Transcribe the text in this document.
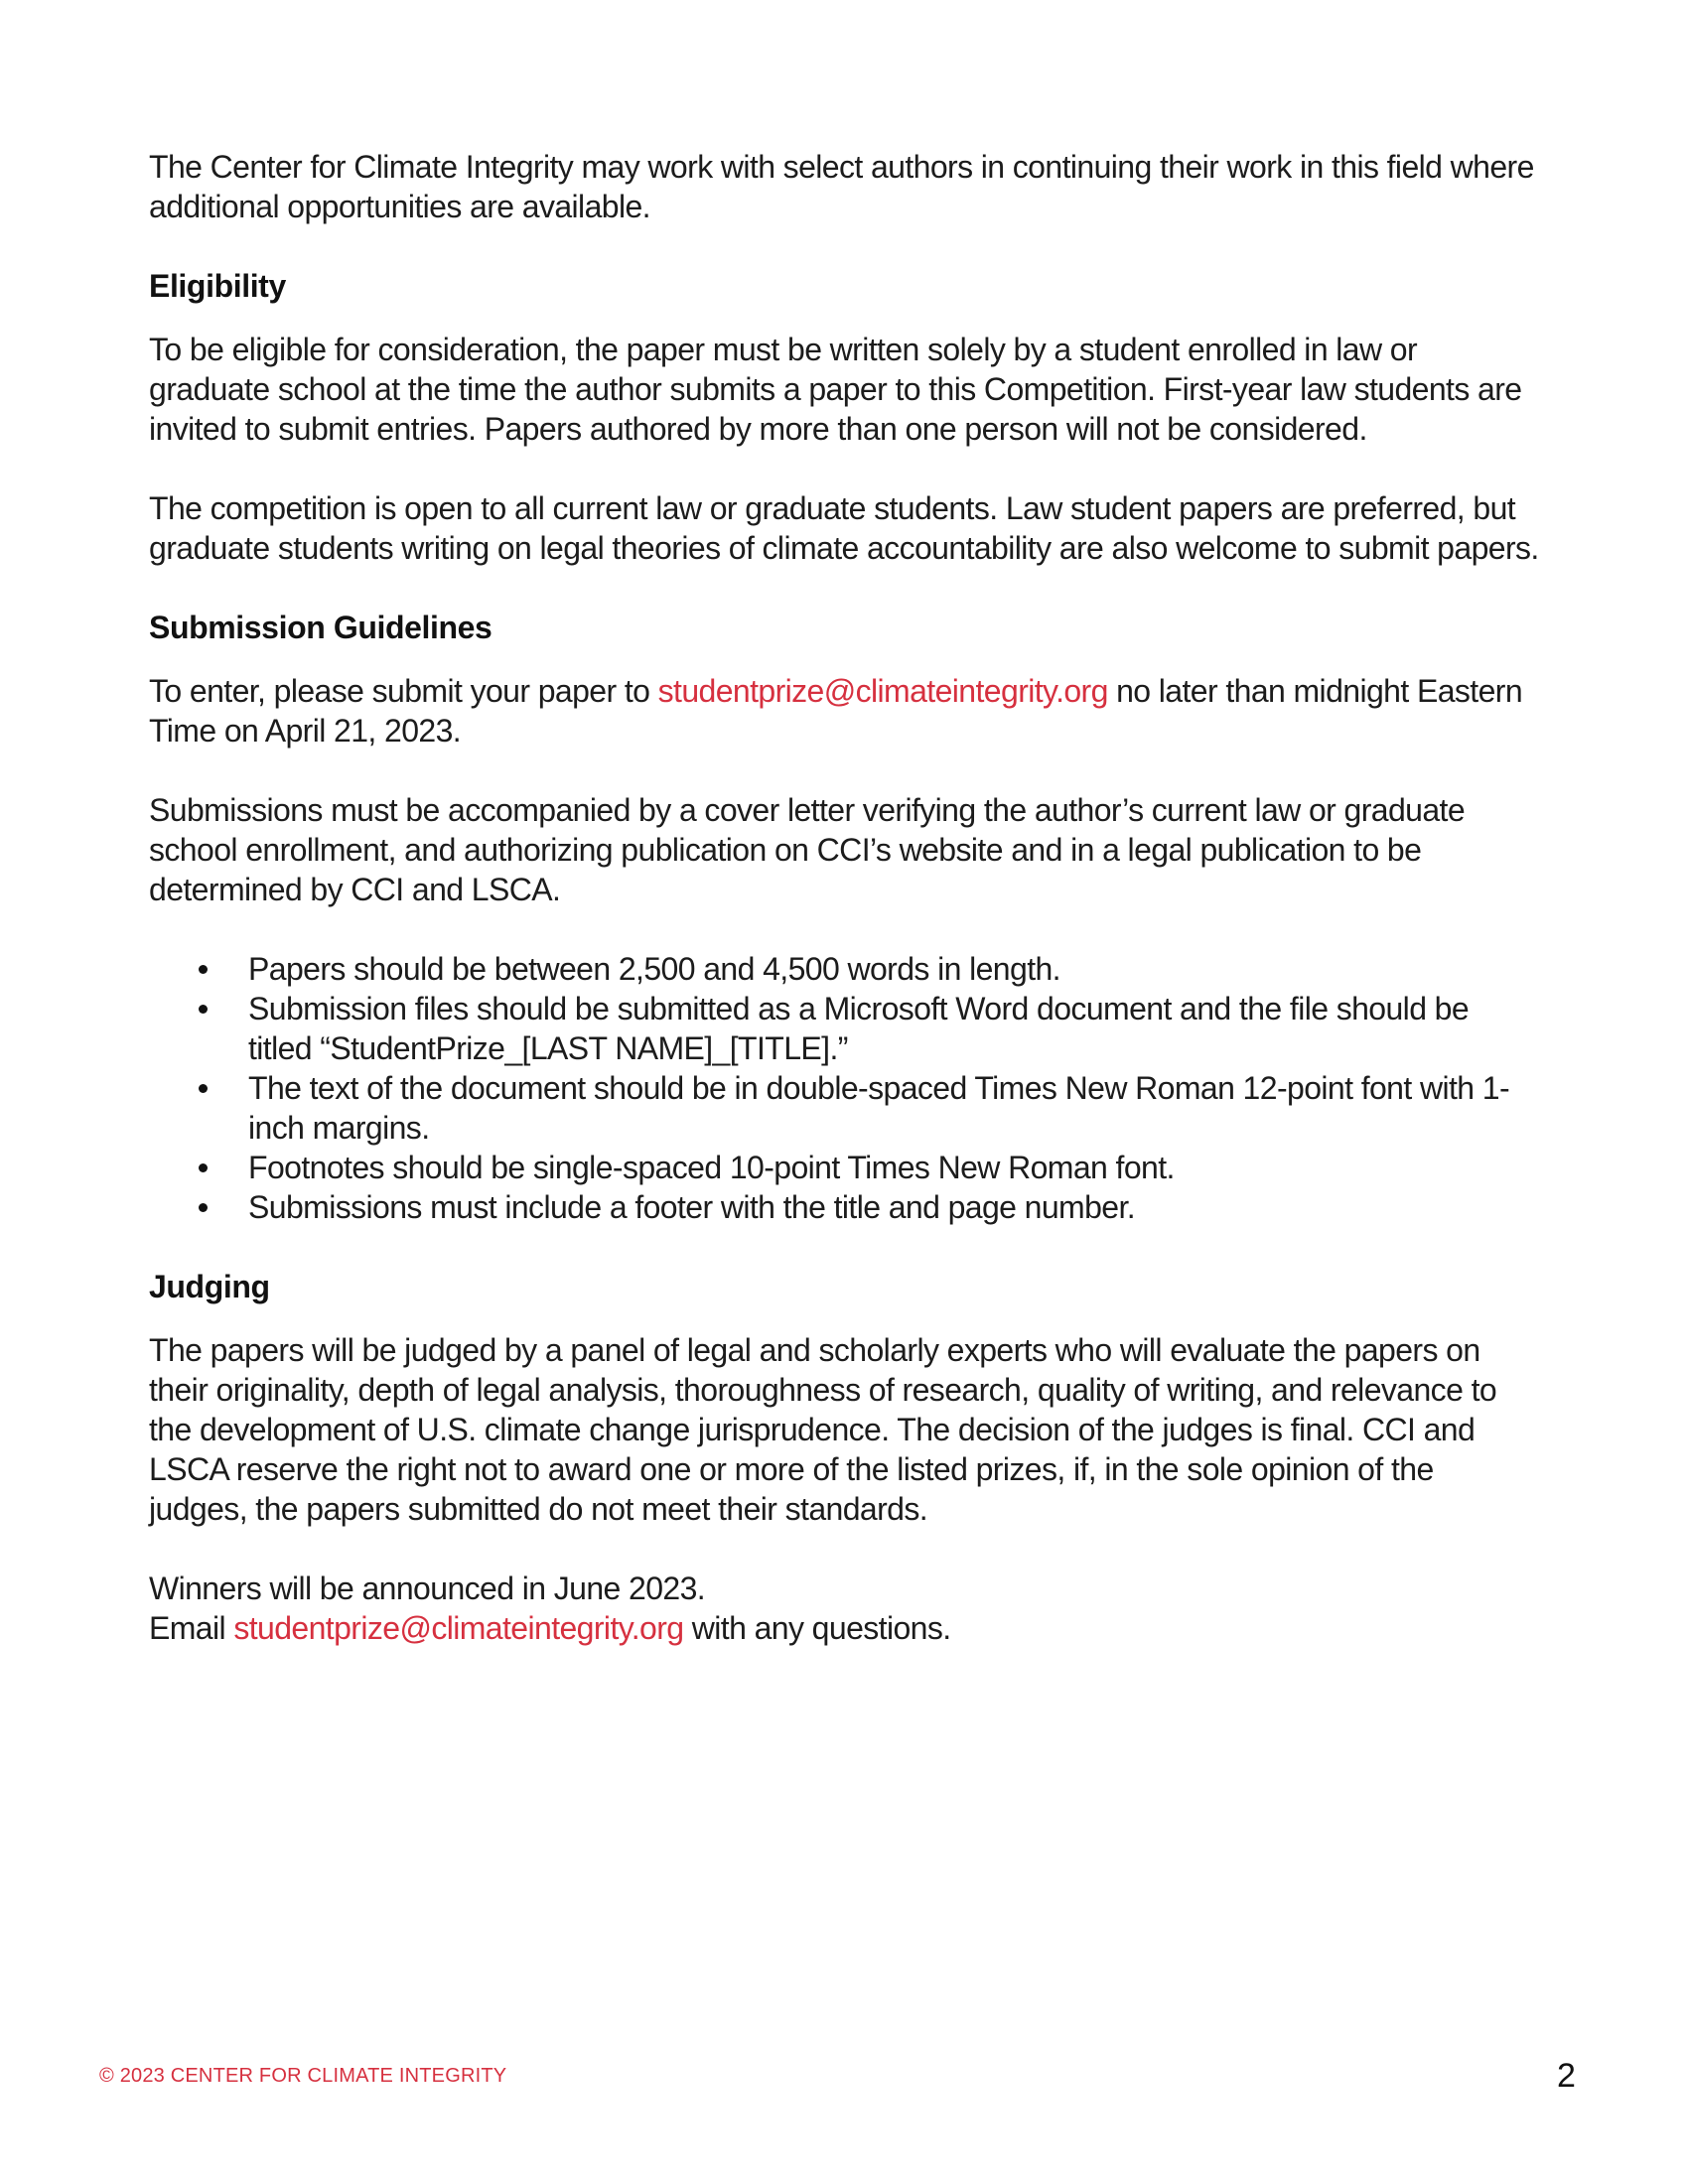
The Center for Climate Integrity may work with select authors in continuing their work in this field where additional opportunities are available.

Eligibility

To be eligible for consideration, the paper must be written solely by a student enrolled in law or graduate school at the time the author submits a paper to this Competition. First-year law students are invited to submit entries. Papers authored by more than one person will not be considered.

The competition is open to all current law or graduate students. Law student papers are preferred, but graduate students writing on legal theories of climate accountability are also welcome to submit papers.

Submission Guidelines

To enter, please submit your paper to studentprize@climateintegrity.org no later than midnight Eastern Time on April 21, 2023.

Submissions must be accompanied by a cover letter verifying the author’s current law or graduate school enrollment, and authorizing publication on CCI’s website and in a legal publication to be determined by CCI and LSCA.

Papers should be between 2,500 and 4,500 words in length.
Submission files should be submitted as a Microsoft Word document and the file should be titled “StudentPrize_[LAST NAME]_[TITLE].”
The text of the document should be in double-spaced Times New Roman 12-point font with 1-inch margins.
Footnotes should be single-spaced 10-point Times New Roman font.
Submissions must include a footer with the title and page number.
Judging

The papers will be judged by a panel of legal and scholarly experts who will evaluate the papers on their originality, depth of legal analysis, thoroughness of research, quality of writing, and relevance to the development of U.S. climate change jurisprudence. The decision of the judges is final. CCI and LSCA reserve the right not to award one or more of the listed prizes, if, in the sole opinion of the judges, the papers submitted do not meet their standards.

Winners will be announced in June 2023.

Email studentprize@climateintegrity.org with any questions.

© 2023 CENTER FOR CLIMATE INTEGRITY	2
